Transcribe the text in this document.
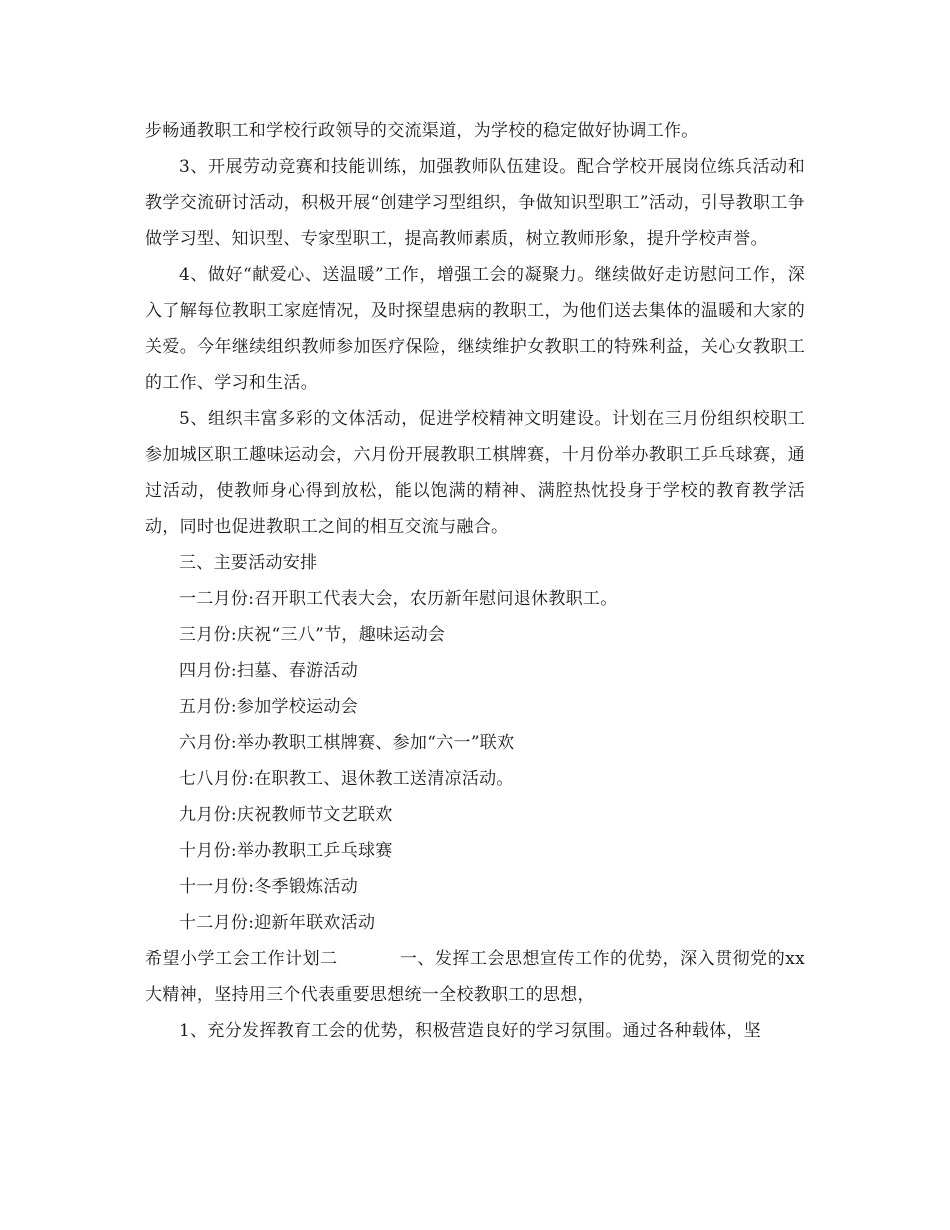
步畅通教职工和学校行政领导的交流渠道，为学校的稳定做好协调工作。

3、开展劳动竞赛和技能训练，加强教师队伍建设。配合学校开展岗位练兵活动和教学交流研讨活动，积极开展“创建学习型组织，争做知识型职工”活动，引导教职工争做学习型、知识型、专家型职工，提高教师素质，树立教师形象，提升学校声誉。

4、做好“献爱心、送温暖”工作，增强工会的凝聚力。继续做好走访慰问工作，深入了解每位教职工家庭情况，及时探望患病的教职工，为他们送去集体的温暖和大家的关爱。今年继续组织教师参加医疗保险，继续维护女教职工的特殊利益，关心女教职工的工作、学习和生活。

5、组织丰富多彩的文体活动，促进学校精神文明建设。计划在三月份组织校职工参加城区职工趣味运动会，六月份开展教职工棋牌赛，十月份举办教职工乒乓球赛，通过活动，使教师身心得到放松，能以饱满的精神、满腔热忱投身于学校的教育教学活动，同时也促进教职工之间的相互交流与融合。

三、主要活动安排

一二月份:召开职工代表大会，农历新年慰问退休教职工。

三月份:庆祝“三八”节，趣味运动会

四月份:扫墓、春游活动

五月份:参加学校运动会

六月份:举办教职工棋牌赛、参加“六一”联欢

七八月份:在职教工、退休教工送清凉活动。

九月份:庆祝教师节文艺联欢

十月份:举办教职工乒乓球赛

十一月份:冬季锻炼活动

十二月份:迎新年联欢活动

希望小学工会工作计划二	一、发挥工会思想宣传工作的优势，深入贯彻党的xx大精神，坚持用三个代表重要思想统一全校教职工的思想，

1、充分发挥教育工会的优势，积极营造良好的学习氛围。通过各种载体，坚
